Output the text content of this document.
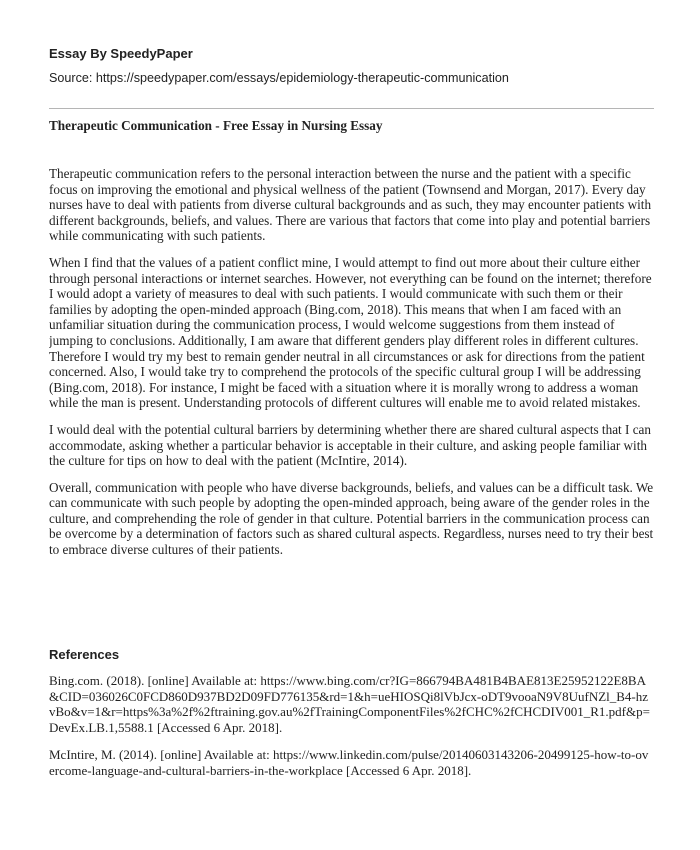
Essay By SpeedyPaper

Source: https://speedypaper.com/essays/epidemiology-therapeutic-communication

Therapeutic Communication - Free Essay in Nursing Essay

Therapeutic communication refers to the personal interaction between the nurse and the patient with a specific focus on improving the emotional and physical wellness of the patient (Townsend and Morgan, 2017). Every day nurses have to deal with patients from diverse cultural backgrounds and as such, they may encounter patients with different backgrounds, beliefs, and values. There are various that factors that come into play and potential barriers while communicating with such patients.

When I find that the values of a patient conflict mine, I would attempt to find out more about their culture either through personal interactions or internet searches. However, not everything can be found on the internet; therefore I would adopt a variety of measures to deal with such patients. I would communicate with such them or their families by adopting the open-minded approach (Bing.com, 2018). This means that when I am faced with an unfamiliar situation during the communication process, I would welcome suggestions from them instead of jumping to conclusions. Additionally, I am aware that different genders play different roles in different cultures. Therefore I would try my best to remain gender neutral in all circumstances or ask for directions from the patient concerned. Also, I would take try to comprehend the protocols of the specific cultural group I will be addressing (Bing.com, 2018). For instance, I might be faced with a situation where it is morally wrong to address a woman while the man is present. Understanding protocols of different cultures will enable me to avoid related mistakes.

I would deal with the potential cultural barriers by determining whether there are shared cultural aspects that I can accommodate, asking whether a particular behavior is acceptable in their culture, and asking people familiar with the culture for tips on how to deal with the patient (McIntire, 2014).

Overall, communication with people who have diverse backgrounds, beliefs, and values can be a difficult task. We can communicate with such people by adopting the open-minded approach, being aware of the gender roles in the culture, and comprehending the role of gender in that culture. Potential barriers in the communication process can be overcome by a determination of factors such as shared cultural aspects. Regardless, nurses need to try their best to embrace diverse cultures of their patients.

References

Bing.com. (2018). [online] Available at: https://www.bing.com/cr?IG=866794BA481B4BAE813E25952122E8BA&CID=036026C0FCD860D937BD2D09FD776135&rd=1&h=ueHIOSQi8lVbJcx-oDT9vooaN9V8UufNZl_B4-hzvBo&v=1&r=https%3a%2f%2ftraining.gov.au%2fTrainingComponentFiles%2fCHC%2fCHCDIV001_R1.pdf&p=DevEx.LB.1,5588.1 [Accessed 6 Apr. 2018].

McIntire, M. (2014). [online] Available at: https://www.linkedin.com/pulse/20140603143206-20499125-how-to-overcome-language-and-cultural-barriers-in-the-workplace [Accessed 6 Apr. 2018].
